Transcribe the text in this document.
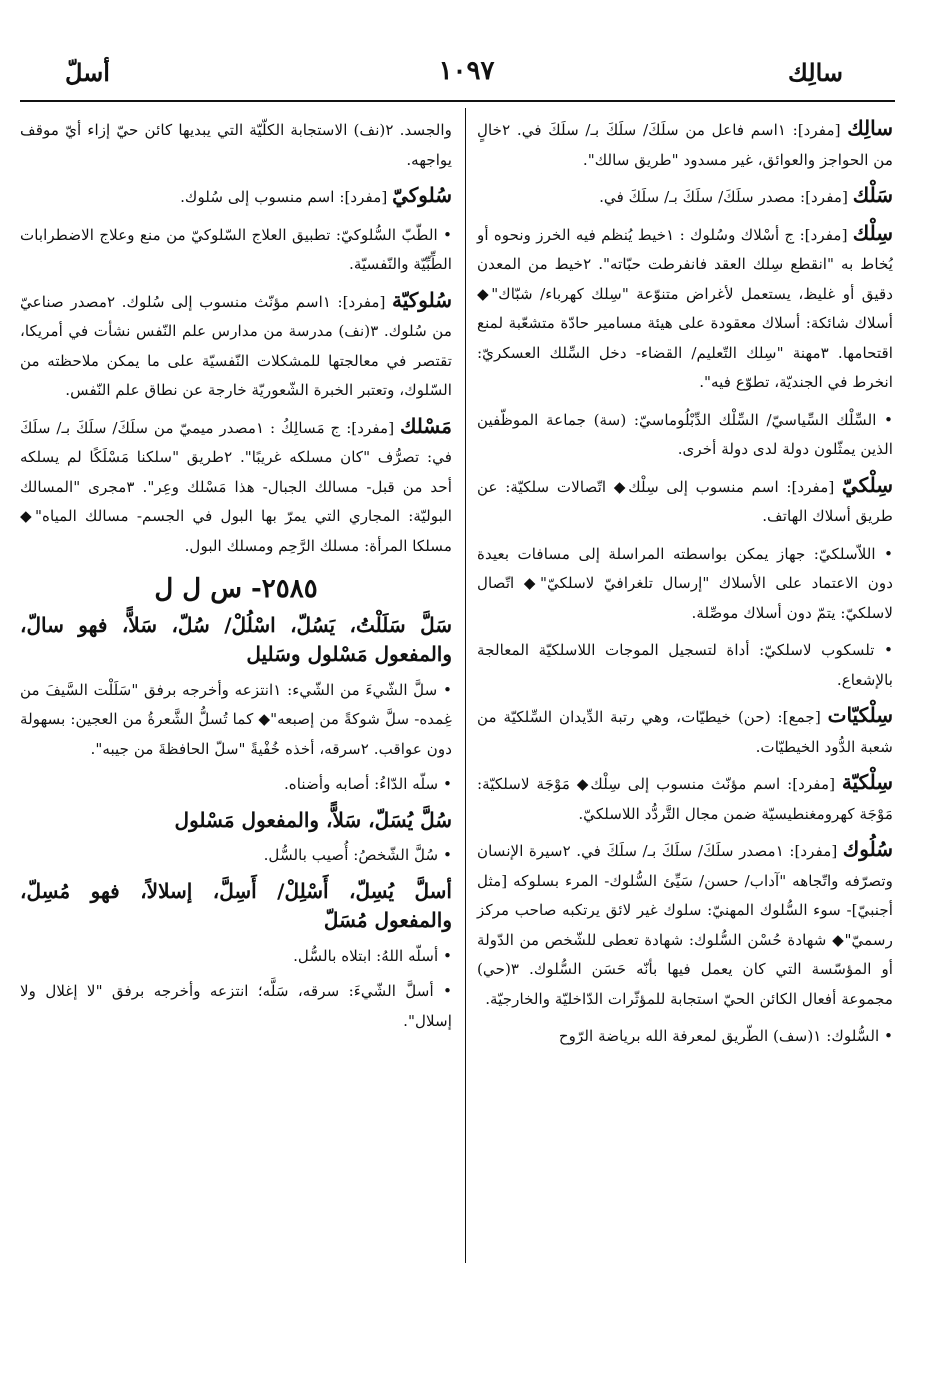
سالِك
١٠٩٧
أسلّ

سالِك [مفرد]: ١اسم فاعل من سلَكَ/ سلَكَ بـ/ سلَكَ في. ٢خالٍ من الحواجز والعوائق، غير مسدود "طريق سالك".

سَلْك [مفرد]: مصدر سلَكَ/ سلَكَ بـ/ سلَكَ في.

سِلْك [مفرد]: ج أسْلاك وسُلوك : ١خيط يُنظم فيه الخرز ونحوه أو يُخاط به "انقطع سِلك العقد فانفرطت حبّاته". ٢خيط من المعدن دقيق أو غليظ، يستعمل لأغراض متنوّعة "سِلك كهرباء/ شبّاك"◆ أسلاك شائكة: أسلاك معقودة على هيئة مسامير حادّة متشعّبة لمنع اقتحامها. ٣مهنة "سِلك التّعليم/ القضاء- دخل السِّلك العسكريّ: انخرط في الجنديّة، تطوّع فيه".

• السِّلْك السِّياسيّ/ السِّلْك الدِّبْلُوماسيّ: (سة) جماعة الموظّفين الذين يمثّلون دولة لدى دولة أخرى.

سِلْكيّ [مفرد]: اسم منسوب إلى سِلْك◆ اتّصالات سلكيّة: عن طريق أسلاك الهاتف.

• اللاّسلكيّ: جهاز يمكن بواسطته المراسلة إلى مسافات بعيدة دون الاعتماد على الأسلاك "إرسال تلغرافيّ لاسلكيّ"◆ اتّصال لاسلكيّ: يتمّ دون أسلاك موصِّلة.

• تلسكوب لاسلكيّ: أداة لتسجيل الموجات اللاسلكيّة المعالجة بالإشعاع.

سِلْكيّات [جمع]: (حن) خيطيّات، وهي رتبة الدِّيدان السِّلكيّة من شعبة الدُّود الخيطيّات.

سِلْكيّة [مفرد]: اسم مؤنّث منسوب إلى سِلْك◆ مَوْجَة لاسلكيّة: مَوْجَة كهرومغنطيسيّة ضمن مجال التَّردُّد اللاسلكيّ.

سُلُوك [مفرد]: ١مصدر سلَكَ/ سلَكَ بـ/ سلَكَ في. ٢سيرة الإنسان وتصرّفه واتّجاهه "آداب/ حسن/ سَيِّئ السُّلوك- المرء بسلوكه [مثل أجنبيّ]- سوء السُّلوك المهنيّ: سلوك غير لائق يرتكبه صاحب مركز رسميّ"◆ شهادة حُسْن السُّلوك: شهادة تعطى للشّخص من الدّولة أو المؤسّسة التي كان يعمل فيها بأنّه حَسَن السُّلوك. ٣(حي) مجموعة أفعال الكائن الحيّ استجابة للمؤثّرات الدّاخليّة والخارجيّة.

• السُّلوك: ١(سف) الطّريق لمعرفة الله برياضة الرّوح

والجسد. ٢(نف) الاستجابة الكلّيّة التي يبديها كائن حيّ إزاء أيّ موقف يواجهه.

سُلوكيّ [مفرد]: اسم منسوب إلى سُلوك.

• الطّبّ السُّلوكيّ: تطبيق العلاج السّلوكيّ من منع وعلاج الاضطرابات الطِّبِّيّة والنّفسيّة.

سُلوكيّة [مفرد]: ١اسم مؤنّث منسوب إلى سُلوك. ٢مصدر صناعيّ من سُلوك. ٣(نف) مدرسة من مدارس علم النّفس نشأت في أمريكا، تقتصر في معالجتها للمشكلات النّفسيّة على ما يمكن ملاحظته من السّلوك، وتعتبر الخبرة الشّعوريّة خارجة عن نطاق علم النّفس.

مَسْلك [مفرد]: ج مَسالِكُ : ١مصدر ميميّ من سلَكَ/ سلَكَ بـ/ سلَكَ في: تصرُّف "كان مسلكه غريبًا". ٢طريق "سلكنا مَسْلَكًا لم يسلكه أحد من قبل- مسالك الجبال- هذا مَسْلك وعِر". ٣مجرى "المسالك البوليّة: المجاري التي يمرّ بها البول في الجسم- مسالك المياه"◆ مسلكا المرأة: مسلك الرَّحِم ومسلك البول.

٢٥٨٥- س ل ل

سَلَّ سَلَلْتُ، يَسُلّ، اسْلُلْ/ سُلّ، سَلاًّ، فهو سالّ، والمفعول مَسْلول وسَليل

• سلَّ الشّيءَ من الشّيء: ١انتزعه وأخرجه برفق "سَلَلْت السَّيفَ من غِمده- سلَّ شوكةً من إصبعه"◆ كما تُسلُّ الشَّعرةُ من العجين: بسهولة دون عواقب. ٢سرقه، أخذه خُفْيةً "سلّ الحافظةَ من جيبه".

• سلّه الدّاءُ: أصابه وأضناه.

سُلَّ يُسَلّ، سَلاًّ، والمفعول مَسْلول

• سُلَّ الشّخصُ: أُصيب بالسُّل.

أسلَّ يُسِلّ، أَسْلِلْ/ أَسِلَّ، إسلالاً، فهو مُسِلّ، والمفعول مُسَلّ

• أسلّه اللهُ: ابتلاه بالسُّل.

• أسلَّ الشّيءَ: سرقه، سَلَّه؛ انتزعه وأخرجه برفق "لا إغلال ولا إسلال".
